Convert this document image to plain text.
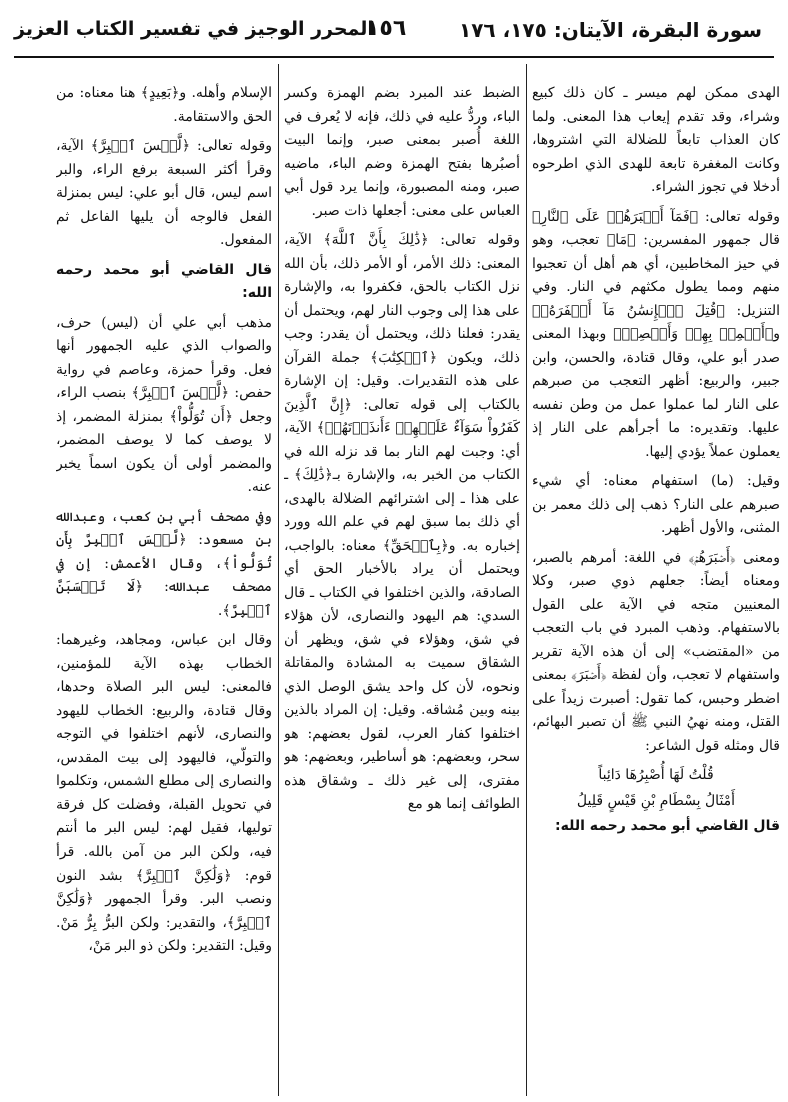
سورة البقرة، الآيتان: ١٧٥، ١٧٦
١٥٦
المحرر الوجيز في تفسير الكتاب العزيز

الهدى ممكن لهم ميسر ـ كان ذلك كبيع وشراء، وقد تقدم إيعاب هذا المعنى. ولما كان العذاب تابعاً للضلالة التي اشتروها، وكانت المغفرة تابعة للهدى الذي اطرحوه أدخلا في تجوز الشراء.

وقوله تعالى: ﴿فَمَآ أَصۡبَرَهُمۡ عَلَى ٱلنَّارِ﴾ قال جمهور المفسرين: ﴿مَا﴾ تعجب، وهو في حيز المخاطبين، أي هم أهل أن تعجبوا منهم ومما يطول مكثهم في النار. وفي التنزيل: ﴿قُتِلَ ٱلۡإِنسَٰنُ مَآ أَكۡفَرَهُۥ﴾ و﴿أَسۡمِعۡ بِهِمۡ وَأَبۡصِرۡ﴾ وبهذا المعنى صدر أبو علي، وقال قتادة، والحسن، وابن جبير، والربيع: أظهر التعجب من صبرهم على النار لما عملوا عمل من وطن نفسه عليها. وتقديره: ما أجرأهم على النار إذ يعملون عملاً يؤدي إليها.

وقيل: (ما) استفهام معناه: أي شيء صبرهم على النار؟ ذهب إلى ذلك معمر بن المثنى، والأول أظهر.

ومعنى ﴿أَصۡبَرَهُمۡ﴾ في اللغة: أمرهم بالصبر، ومعناه أيضاً: جعلهم ذوي صبر، وكلا المعنيين متجه في الآية على القول بالاستفهام. وذهب المبرد في باب التعجب من «المقتضب» إلى أن هذه الآية تقرير واستفهام لا تعجب، وأن لفظة ﴿أَصۡبَرَ﴾ بمعنى اضطر وحبس، كما تقول: أصبرت زيداً على القتل، ومنه نهيُ النبي ﷺ أن تصبر البهائم، قال ومثله قول الشاعر:

قُلْتُ لَهَا أُصْبِرُهَا دَائِباً

أَمْثَالُ بِسْطَامِ بْنِ قَيْسٍ قَلِيلُ

قال القاضي أبو محمد رحمه الله:

الضبط عند المبرد بضم الهمزة وكسر الباء، وردُّ عليه في ذلك، فإنه لا يُعرف في اللغة أُصبر بمعنى صبر، وإنما البيت أصبُرها بفتح الهمزة وضم الباء، ماضيه صبر، ومنه المصبورة، وإنما يرد قول أبي العباس على معنى: أجعلها ذات صبر.

وقوله تعالى: ﴿ذَٰلِكَ بِأَنَّ ٱللَّهَ﴾ الآية، المعنى: ذلك الأمر، أو الأمر ذلك، بأن الله نزل الكتاب بالحق، فكفروا به، والإشارة على هذا إلى وجوب النار لهم، ويحتمل أن يقدر: فعلنا ذلك، ويحتمل أن يقدر: وجب ذلك، ويكون ﴿ٱلۡكِتَٰبَ﴾ جملة القرآن على هذه التقديرات. وقيل: إن الإشارة بالكتاب إلى قوله تعالى: ﴿إِنَّ ٱلَّذِينَ كَفَرُواْ سَوَآءٌ عَلَيۡهِمۡ ءَأَنذَرۡتَهُمۡ﴾ الآية، أي: وجبت لهم النار بما قد نزله الله في الكتاب من الخبر به، والإشارة بـ﴿ذَٰلِكَ﴾ ـ على هذا ـ إلى اشترائهم الضلالة بالهدى، أي ذلك بما سبق لهم في علم الله وورد إخباره به. و﴿بِٱلۡحَقِّ﴾ معناه: بالواجب، ويحتمل أن يراد بالأخبار الحق أي الصادقة، والذين اختلفوا في الكتاب ـ قال السدي: هم اليهود والنصارى، لأن هؤلاء في شق، وهؤلاء في شق، ويظهر أن الشقاق سميت به المشادة والمقاتلة ونحوه، لأن كل واحد يشق الوصل الذي بينه وبين مُشاقه. وقيل: إن المراد بالذين اختلفوا كفار العرب، لقول بعضهم: هو سحر، وبعضهم: هو أساطير، وبعضهم: هو مفترى، إلى غير ذلك ـ وشقاق هذه الطوائف إنما هو مع

الإسلام وأهله. و﴿بَعِيدٍ﴾ هنا معناه: من الحق والاستقامة.

وقوله تعالى: ﴿لَّيۡسَ ٱلۡبِرَّ﴾ الآية، وقرأ أكثر السبعة برفع الراء، والبر اسم ليس، قال أبو علي: ليس بمنزلة الفعل فالوجه أن يليها الفاعل ثم المفعول.

قال القاضي أبو محمد رحمه الله:

مذهب أبي علي أن (ليس) حرف، والصواب الذي عليه الجمهور أنها فعل. وقرأ حمزة، وعاصم في رواية حفص: ﴿لَّيۡسَ ٱلۡبِرَّ﴾ بنصب الراء، وجعل ﴿أَن تُوَلُّواْ﴾ بمنزلة المضمر، إذ لا يوصف كما لا يوصف المضمر، والمضمر أولى أن يكون اسماً يخبر عنه.

وفي مصحف أبي بن كعب، وعبدالله بن مسعود: ﴿لَّيۡسَ ٱلۡبِرَّ بِأَن تُوَلُّواْ﴾، وقال الأعمش: إن في مصحف عبدالله: ﴿لَا تَحۡسَبَنَّ ٱلۡبِرَّ﴾.

وقال ابن عباس، ومجاهد، وغيرهما: الخطاب بهذه الآية للمؤمنين، فالمعنى: ليس البر الصلاة وحدها، وقال قتادة، والربيع: الخطاب لليهود والنصارى، لأنهم اختلفوا في التوجه والتولّي، فاليهود إلى بيت المقدس، والنصارى إلى مطلع الشمس، وتكلموا في تحويل القبلة، وفضلت كل فرقة توليها، فقيل لهم: ليس البر ما أنتم فيه، ولكن البر من آمن بالله. قرأ قوم: ﴿وَلَٰكِنَّ ٱلۡبِرَّ﴾ بشد النون ونصب البر. وقرأ الجمهور ﴿وَلَٰكِنَّ ٱلۡبِرَّ﴾، والتقدير: ولكن البرُّ بِرُّ مَنْ. وقيل: التقدير: ولكن ذو البر مَنْ،
